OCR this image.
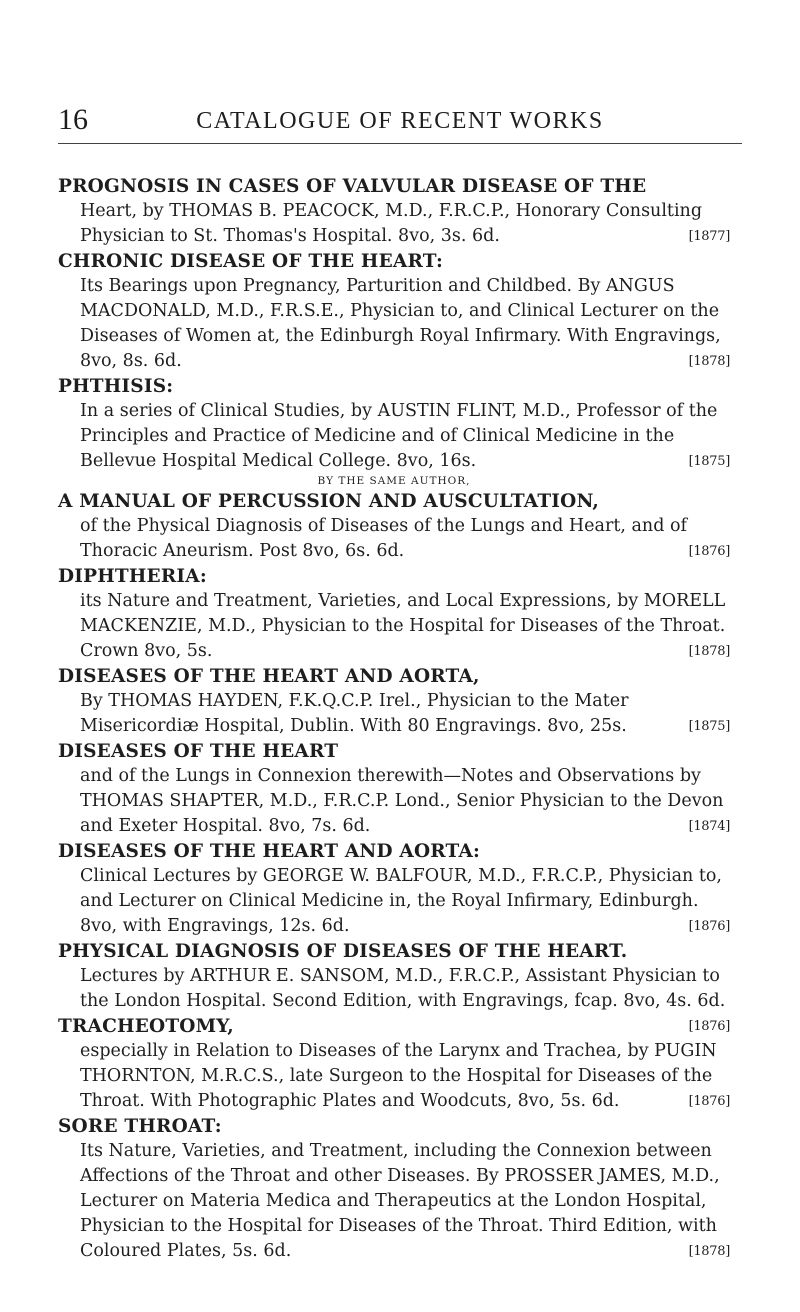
16	CATALOGUE OF RECENT WORKS
PROGNOSIS IN CASES OF VALVULAR DISEASE OF THE
Heart, by THOMAS B. PEACOCK, M.D., F.R.C.P., Honorary Consulting Physician to St. Thomas's Hospital. 8vo, 3s. 6d.	[1877]
CHRONIC DISEASE OF THE HEART:
Its Bearings upon Pregnancy, Parturition and Childbed. By ANGUS MACDONALD, M.D., F.R.S.E., Physician to, and Clinical Lecturer on the Diseases of Women at, the Edinburgh Royal Infirmary. With Engravings, 8vo, 8s. 6d.	[1878]
PHTHISIS:
In a series of Clinical Studies, by AUSTIN FLINT, M.D., Professor of the Principles and Practice of Medicine and of Clinical Medicine in the Bellevue Hospital Medical College. 8vo, 16s.	[1875]
BY THE SAME AUTHOR,
A MANUAL OF PERCUSSION AND AUSCULTATION,
of the Physical Diagnosis of Diseases of the Lungs and Heart, and of Thoracic Aneurism. Post 8vo, 6s. 6d.	[1876]
DIPHTHERIA:
its Nature and Treatment, Varieties, and Local Expressions, by MORELL MACKENZIE, M.D., Physician to the Hospital for Diseases of the Throat. Crown 8vo, 5s.	[1878]
DISEASES OF THE HEART AND AORTA,
By THOMAS HAYDEN, F.K.Q.C.P. Irel., Physician to the Mater Misericordiæ Hospital, Dublin. With 80 Engravings. 8vo, 25s.	[1875]
DISEASES OF THE HEART
and of the Lungs in Connexion therewith—Notes and Observations by THOMAS SHAPTER, M.D., F.R.C.P. Lond., Senior Physician to the Devon and Exeter Hospital. 8vo, 7s. 6d.	[1874]
DISEASES OF THE HEART AND AORTA:
Clinical Lectures by GEORGE W. BALFOUR, M.D., F.R.C.P., Physician to, and Lecturer on Clinical Medicine in, the Royal Infirmary, Edinburgh. 8vo, with Engravings, 12s. 6d.	[1876]
PHYSICAL DIAGNOSIS OF DISEASES OF THE HEART.
Lectures by ARTHUR E. SANSOM, M.D., F.R.C.P., Assistant Physician to the London Hospital. Second Edition, with Engravings, fcap. 8vo, 4s. 6d.
[1876]
TRACHEOTOMY,
especially in Relation to Diseases of the Larynx and Trachea, by PUGIN THORNTON, M.R.C.S., late Surgeon to the Hospital for Diseases of the Throat. With Photographic Plates and Woodcuts, 8vo, 5s. 6d.	[1876]
SORE THROAT:
Its Nature, Varieties, and Treatment, including the Connexion between Affections of the Throat and other Diseases. By PROSSER JAMES, M.D., Lecturer on Materia Medica and Therapeutics at the London Hospital, Physician to the Hospital for Diseases of the Throat. Third Edition, with Coloured Plates, 5s. 6d.	[1878]
